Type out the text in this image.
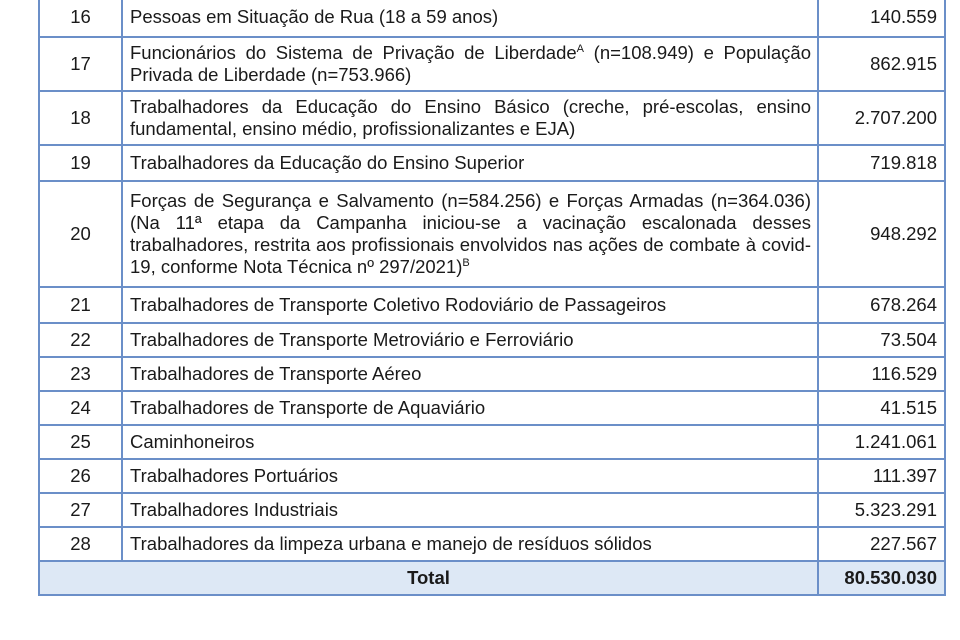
16	Pessoas em Situação de Rua (18 a 59 anos)	140.559
17	Funcionários do Sistema de Privação de Liberdade$^A$ (n=108.949) e População Privada de Liberdade (n=753.966)	862.915
18	Trabalhadores da Educação do Ensino Básico (creche, pré-escolas, ensino fundamental, ensino médio, profissionalizantes e EJA)	2.707.200
19	Trabalhadores da Educação do Ensino Superior	719.818
20	Forças de Segurança e Salvamento (n=584.256) e Forças Armadas (n=364.036) (Na 11ª etapa da Campanha iniciou-se a vacinação escalonada desses trabalhadores, restrita aos profissionais envolvidos nas ações de combate à covid-19, conforme Nota Técnica nº 297/2021)$^B$	948.292
21	Trabalhadores de Transporte Coletivo Rodoviário de Passageiros	678.264
22	Trabalhadores de Transporte Metroviário e Ferroviário	73.504
23	Trabalhadores de Transporte Aéreo	116.529
24	Trabalhadores de Transporte de Aquaviário	41.515
25	Caminhoneiros	1.241.061
26	Trabalhadores Portuários	111.397
27	Trabalhadores Industriais	5.323.291
28	Trabalhadores da limpeza urbana e manejo de resíduos sólidos	227.567
Total		80.530.030
